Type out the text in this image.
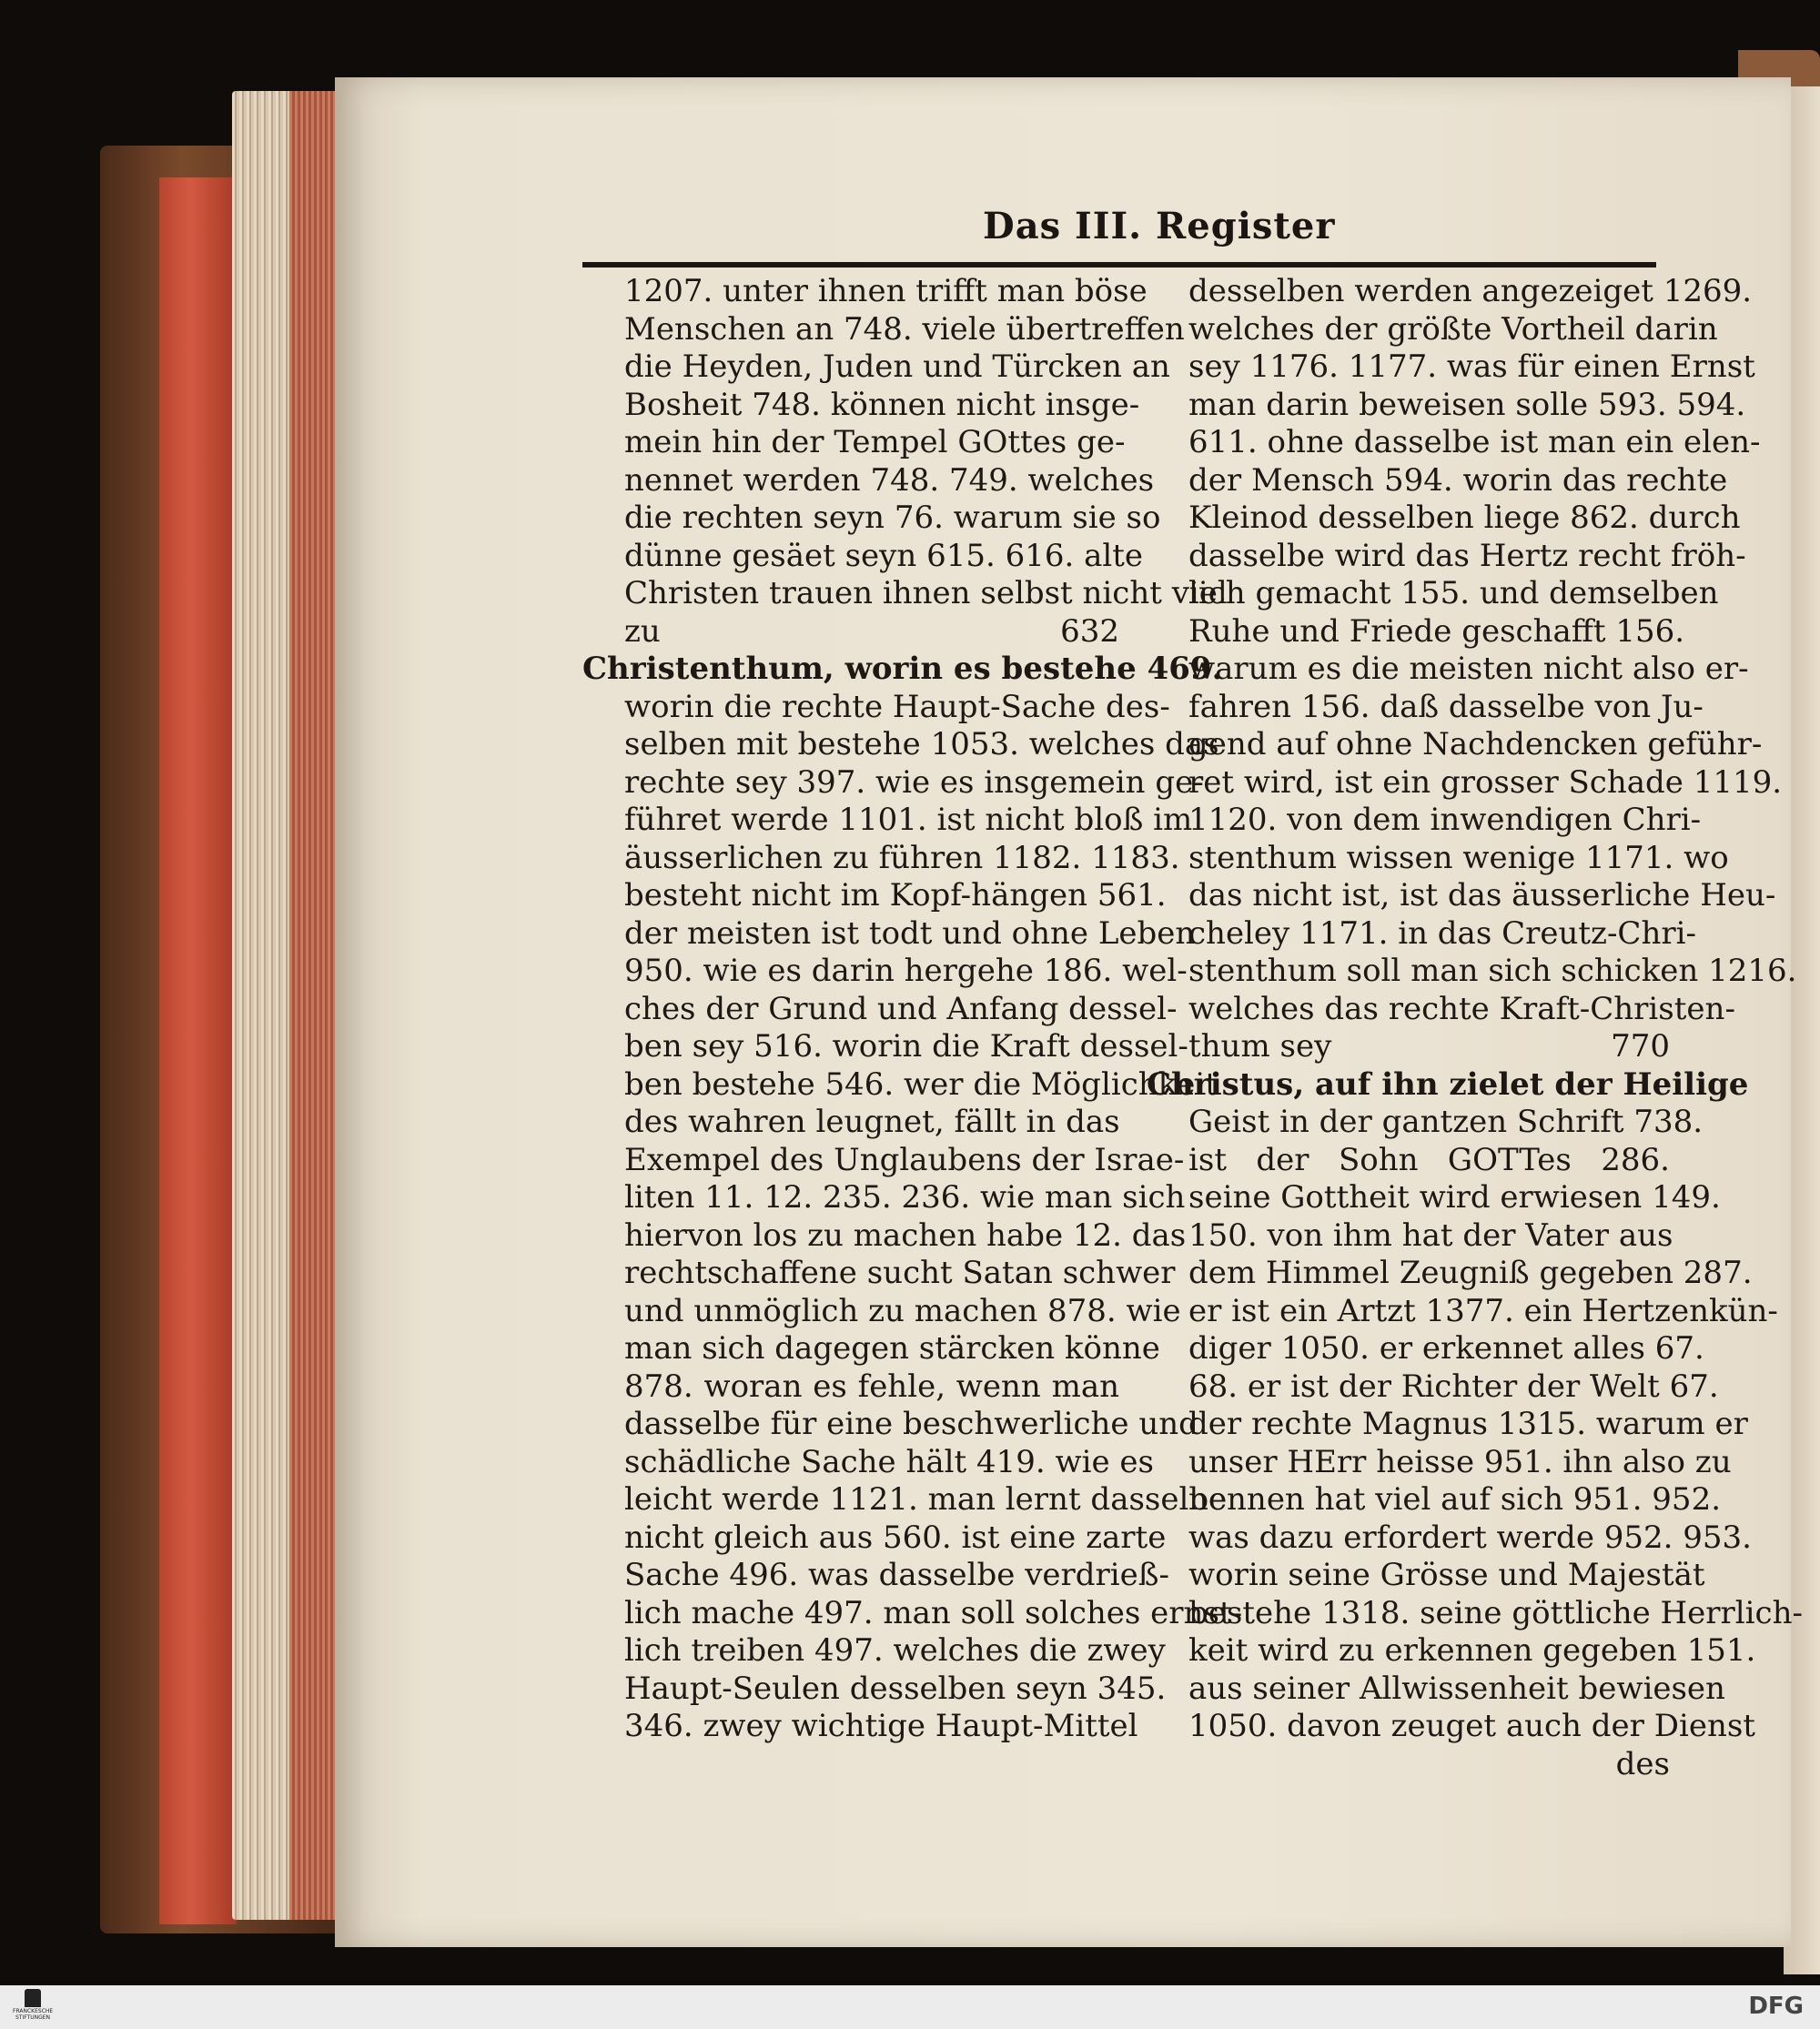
Das III. Register
1207. unter ihnen trifft man böse
Menschen an 748. viele übertreffen
die Heyden, Juden und Türcken an
Bosheit 748. können nicht insge-
mein hin der Tempel GOttes ge-
nennet werden 748. 749. welches
die rechten seyn 76. warum sie so
dünne gesäet seyn 615. 616. alte
Christen trauen ihnen selbst nicht viel
zu	632
Christenthum, worin es bestehe 469.
worin die rechte Haupt-Sache des-
selben mit bestehe 1053. welches das
rechte sey 397. wie es insgemein ge-
führet werde 1101. ist nicht bloß im
äusserlichen zu führen 1182. 1183.
besteht nicht im Kopf-hängen 561.
der meisten ist todt und ohne Leben
950. wie es darin hergehe 186. wel-
ches der Grund und Anfang dessel-
ben sey 516. worin die Kraft dessel-
ben bestehe 546. wer die Möglichkeit
des wahren leugnet, fällt in das
Exempel des Unglaubens der Israe-
liten 11. 12. 235. 236. wie man sich
hiervon los zu machen habe 12. das
rechtschaffene sucht Satan schwer
und unmöglich zu machen 878. wie
man sich dagegen stärcken könne
878. woran es fehle, wenn man
dasselbe für eine beschwerliche und
schädliche Sache hält 419. wie es
leicht werde 1121. man lernt dasselbe
nicht gleich aus 560. ist eine zarte
Sache 496. was dasselbe verdrieß-
lich mache 497. man soll solches ernst-
lich treiben 497. welches die zwey
Haupt-Seulen desselben seyn 345.
346. zwey wichtige Haupt-Mittel
desselben werden angezeiget 1269.
welches der größte Vortheil darin
sey 1176. 1177. was für einen Ernst
man darin beweisen solle 593. 594.
611. ohne dasselbe ist man ein elen-
der Mensch 594. worin das rechte
Kleinod desselben liege 862. durch
dasselbe wird das Hertz recht fröh-
lich gemacht 155. und demselben
Ruhe und Friede geschafft 156.
warum es die meisten nicht also er-
fahren 156. daß dasselbe von Ju-
gend auf ohne Nachdencken geführ-
ret wird, ist ein grosser Schade 1119.
1120. von dem inwendigen Chri-
stenthum wissen wenige 1171. wo
das nicht ist, ist das äusserliche Heu-
cheley 1171. in das Creutz-Chri-
stenthum soll man sich schicken 1216.
welches das rechte Kraft-Christen-
thum sey	770
Christus, auf ihn zielet der Heilige
Geist in der gantzen Schrift 738.
ist der Sohn GOTTes 286.
seine Gottheit wird erwiesen 149.
150. von ihm hat der Vater aus
dem Himmel Zeugniß gegeben 287.
er ist ein Artzt 1377. ein Hertzenkün-
diger 1050. er erkennet alles 67.
68. er ist der Richter der Welt 67.
der rechte Magnus 1315. warum er
unser HErr heisse 951. ihn also zu
nennen hat viel auf sich 951. 952.
was dazu erfordert werde 952. 953.
worin seine Grösse und Majestät
bestehe 1318. seine göttliche Herrlich-
keit wird zu erkennen gegeben 151.
aus seiner Allwissenheit bewiesen
1050. davon zeuget auch der Dienst
des
FRANCKESCHE STIFTUNGEN	DFG
